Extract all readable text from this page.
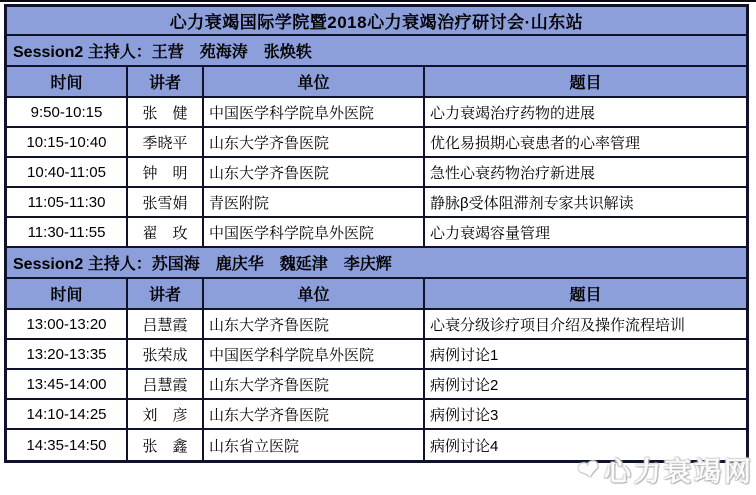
心力衰竭国际学院暨2018心力衰竭治疗研讨会·山东站
Session2 主持人：王营　苑海涛　张焕轶
时间	讲者	单位	题目
9:50-10:15	张　健	中国医学科学院阜外医院	心力衰竭治疗药物的进展
10:15-10:40	季晓平	山东大学齐鲁医院	优化易损期心衰患者的心率管理
10:40-11:05	钟　明	山东大学齐鲁医院	急性心衰药物治疗新进展
11:05-11:30	张雪娟	青医附院	静脉β受体阻滞剂专家共识解读
11:30-11:55	翟　玫	中国医学科学院阜外医院	心力衰竭容量管理
Session2 主持人：苏国海　鹿庆华　魏延津　李庆辉
时间	讲者	单位	题目
13:00-13:20	吕慧霞	山东大学齐鲁医院	心衰分级诊疗项目介绍及操作流程培训
13:20-13:35	张荣成	中国医学科学院阜外医院	病例讨论1
13:45-14:00	吕慧霞	山东大学齐鲁医院	病例讨论2
14:10-14:25	刘　彦	山东大学齐鲁医院	病例讨论3
14:35-14:50	张　鑫	山东省立医院	病例讨论4
❤ 心力衰竭网
